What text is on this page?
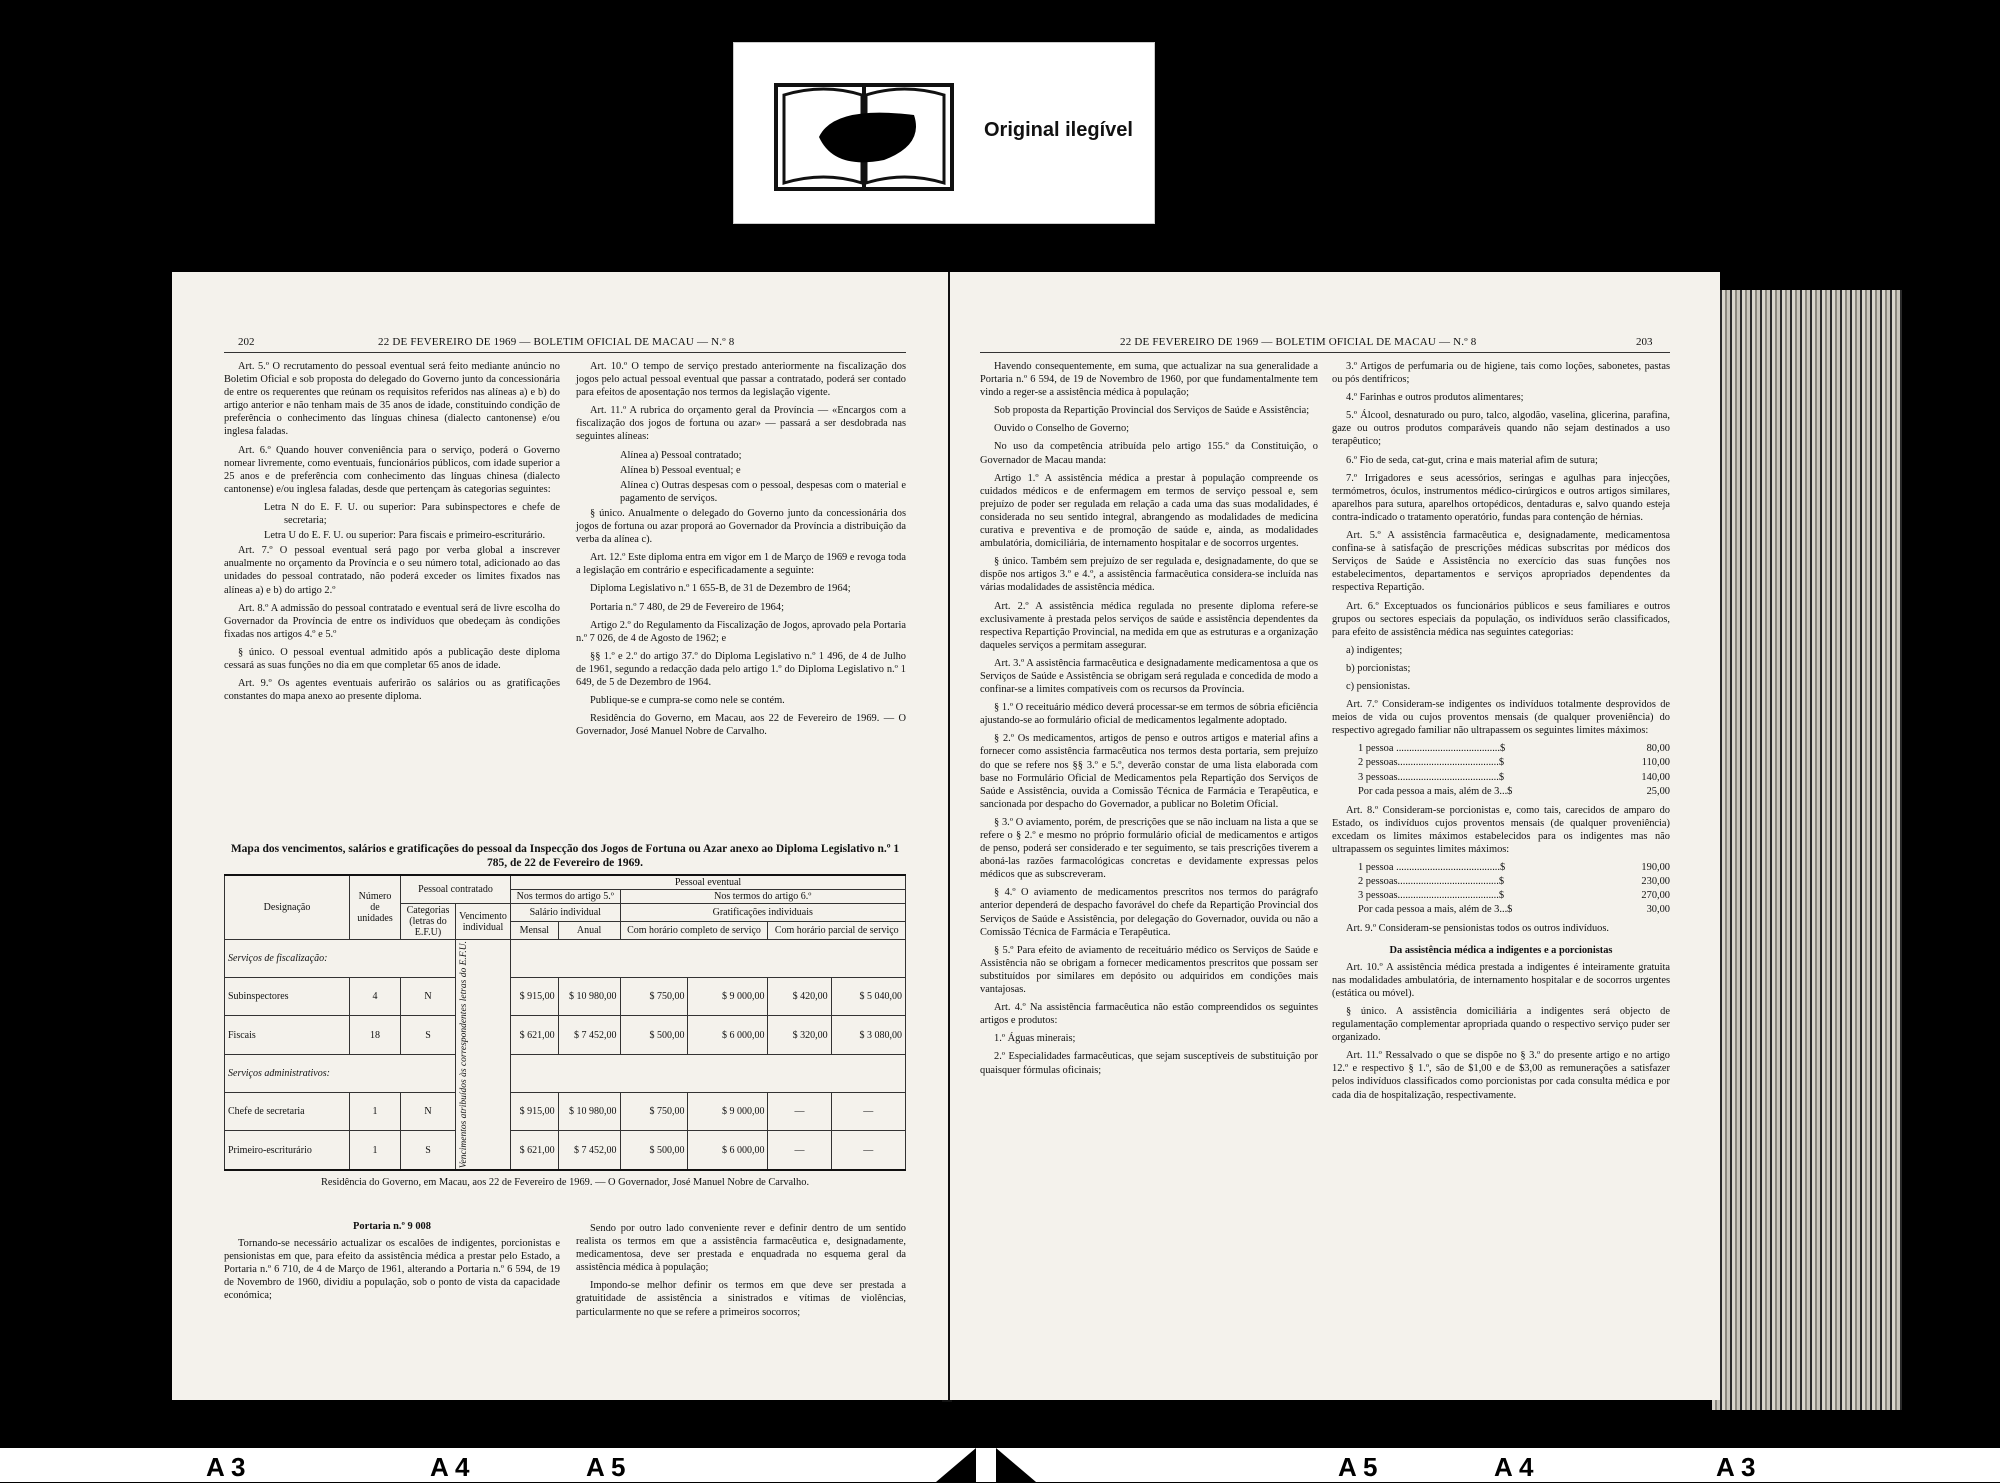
Original ilegível
202	22 DE FEVEREIRO DE 1969 — BOLETIM OFICIAL DE MACAU — N.º 8

Art. 5.º O recrutamento do pessoal eventual será feito mediante anúncio no Boletim Oficial e sob proposta do delegado do Governo junto da concessionária de entre os requerentes que reúnam os requisitos referidos nas alíneas a) e b) do artigo anterior e não tenham mais de 35 anos de idade, constituindo condição de preferência o conhecimento das línguas chinesa (dialecto cantonense) e/ou inglesa faladas.

Art. 6.º Quando houver conveniência para o serviço, poderá o Governo nomear livremente, como eventuais, funcionários públicos, com idade superior a 25 anos e de preferência com conhecimento das línguas chinesa (dialecto cantonense) e/ou inglesa faladas, desde que pertençam às categorias seguintes:

Letra N do E. F. U. ou superior: Para subinspectores e chefe de secretaria;

Letra U do E. F. U. ou superior: Para fiscais e primeiro-escriturário.

Art. 7.º O pessoal eventual será pago por verba global a inscrever anualmente no orçamento da Província e o seu número total, adicionado ao das unidades do pessoal contratado, não poderá exceder os limites fixados nas alíneas a) e b) do artigo 2.º

Art. 8.º A admissão do pessoal contratado e eventual será de livre escolha do Governador da Província de entre os indivíduos que obedeçam às condições fixadas nos artigos 4.º e 5.º

§ único. O pessoal eventual admitido após a publicação deste diploma cessará as suas funções no dia em que completar 65 anos de idade.

Art. 9.º Os agentes eventuais auferirão os salários ou as gratificações constantes do mapa anexo ao presente diploma.

Art. 10.º O tempo de serviço prestado anteriormente na fiscalização dos jogos pelo actual pessoal eventual que passar a contratado, poderá ser contado para efeitos de aposentação nos termos da legislação vigente.

Art. 11.º A rubrica do orçamento geral da Província — «Encargos com a fiscalização dos jogos de fortuna ou azar» — passará a ser desdobrada nas seguintes alíneas:

Alínea a) Pessoal contratado;

Alínea b) Pessoal eventual; e

Alínea c) Outras despesas com o pessoal, despesas com o material e pagamento de serviços.

§ único. Anualmente o delegado do Governo junto da concessionária dos jogos de fortuna ou azar proporá ao Governador da Província a distribuição da verba da alínea c).

Art. 12.º Este diploma entra em vigor em 1 de Março de 1969 e revoga toda a legislação em contrário e especificadamente a seguinte:

Diploma Legislativo n.º 1 655-B, de 31 de Dezembro de 1964;

Portaria n.º 7 480, de 29 de Fevereiro de 1964;

Artigo 2.º do Regulamento da Fiscalização de Jogos, aprovado pela Portaria n.º 7 026, de 4 de Agosto de 1962; e

§§ 1.º e 2.º do artigo 37.º do Diploma Legislativo n.º 1 496, de 4 de Julho de 1961, segundo a redacção dada pelo artigo 1.º do Diploma Legislativo n.º 1 649, de 5 de Dezembro de 1964.

Publique-se e cumpra-se como nele se contém.

Residência do Governo, em Macau, aos 22 de Fevereiro de 1969. — O Governador, José Manuel Nobre de Carvalho.

Mapa dos vencimentos, salários e gratificações do pessoal da Inspecção dos Jogos de Fortuna ou Azar anexo ao Diploma Legislativo n.º 1 785, de 22 de Fevereiro de 1969.
Designação	Número de unidades	Pessoal contratado		Pessoal eventual					
				Nos termos do artigo 5.º		Nos termos do artigo 6.º			
		Categorias (letras do E.F.U)	Vencimento individual	Salário individual		Gratificações individuais			
				Mensal	Anual	Com horário completo de serviço		Com horário parcial de serviço	
Serviços de fiscalização:			Vencimentos atribuídos às correspondentes letras do E.F.U.						

Subinspectores	4	N		$ 915,00	$ 10 980,00	$ 750,00	$ 9 000,00	$ 420,00	$ 5 040,00
Fiscais	18	S		$ 621,00	$ 7 452,00	$ 500,00	$ 6 000,00	$ 320,00	$ 3 080,00
Serviços administrativos:									
Chefe de secretaria	1	N		$ 915,00	$ 10 980,00	$ 750,00	$ 9 000,00	—	—
Primeiro-escriturário	1	S		$ 621,00	$ 7 452,00	$ 500,00	$ 6 000,00	—	—
Residência do Governo, em Macau, aos 22 de Fevereiro de 1969. — O Governador, José Manuel Nobre de Carvalho.
Portaria n.º 9 008

Tornando-se necessário actualizar os escalões de indigentes, porcionistas e pensionistas em que, para efeito da assistência médica a prestar pelo Estado, a Portaria n.º 6 710, de 4 de Março de 1961, alterando a Portaria n.º 6 594, de 19 de Novembro de 1960, dividiu a população, sob o ponto de vista da capacidade económica;

Sendo por outro lado conveniente rever e definir dentro de um sentido realista os termos em que a assistência farmacêutica e, designadamente, medicamentosa, deve ser prestada e enquadrada no esquema geral da assistência médica à população;

Impondo-se melhor definir os termos em que deve ser prestada a gratuitidade de assistência a sinistrados e vítimas de violências, particularmente no que se refere a primeiros socorros;

22 DE FEVEREIRO DE 1969 — BOLETIM OFICIAL DE MACAU — N.º 8	203

Havendo consequentemente, em suma, que actualizar na sua generalidade a Portaria n.º 6 594, de 19 de Novembro de 1960, por que fundamentalmente tem vindo a reger-se a assistência médica à população;

Sob proposta da Repartição Provincial dos Serviços de Saúde e Assistência;

Ouvido o Conselho de Governo;

No uso da competência atribuída pelo artigo 155.º da Constituição, o Governador de Macau manda:

Artigo 1.º A assistência médica a prestar à população compreende os cuidados médicos e de enfermagem em termos de serviço pessoal e, sem prejuízo de poder ser regulada em relação a cada uma das suas modalidades, é considerada no seu sentido integral, abrangendo as modalidades de medicina curativa e preventiva e de promoção de saúde e, ainda, as modalidades ambulatória, domiciliária, de internamento hospitalar e de socorros urgentes.

§ único. Também sem prejuízo de ser regulada e, designadamente, do que se dispõe nos artigos 3.º e 4.º, a assistência farmacêutica considera-se incluída nas várias modalidades de assistência médica.

Art. 2.º A assistência médica regulada no presente diploma refere-se exclusivamente à prestada pelos serviços de saúde e assistência dependentes da respectiva Repartição Provincial, na medida em que as estruturas e a organização daqueles serviços a permitam assegurar.

Art. 3.º A assistência farmacêutica e designadamente medicamentosa a que os Serviços de Saúde e Assistência se obrigam será regulada e concedida de modo a confinar-se a limites compatíveis com os recursos da Província.

§ 1.º O receituário médico deverá processar-se em termos de sóbria eficiência ajustando-se ao formulário oficial de medicamentos legalmente adoptado.

§ 2.º Os medicamentos, artigos de penso e outros artigos e material afins a fornecer como assistência farmacêutica nos termos desta portaria, sem prejuízo do que se refere nos §§ 3.º e 5.º, deverão constar de uma lista elaborada com base no Formulário Oficial de Medicamentos pela Repartição dos Serviços de Saúde e Assistência, ouvida a Comissão Técnica de Farmácia e Terapêutica, e sancionada por despacho do Governador, a publicar no Boletim Oficial.

§ 3.º O aviamento, porém, de prescrições que se não incluam na lista a que se refere o § 2.º e mesmo no próprio formulário oficial de medicamentos e artigos de penso, poderá ser considerado e ter seguimento, se tais prescrições tiverem a aboná-las razões farmacológicas concretas e devidamente expressas pelos médicos que as subscreveram.

§ 4.º O aviamento de medicamentos prescritos nos termos do parágrafo anterior dependerá de despacho favorável do chefe da Repartição Provincial dos Serviços de Saúde e Assistência, por delegação do Governador, ouvida ou não a Comissão Técnica de Farmácia e Terapêutica.

§ 5.º Para efeito de aviamento de receituário médico os Serviços de Saúde e Assistência não se obrigam a fornecer medicamentos prescritos que possam ser substituídos por similares em depósito ou adquiridos em condições mais vantajosas.

Art. 4.º Na assistência farmacêutica não estão compreendidos os seguintes artigos e produtos:

1.º Águas minerais;

2.º Especialidades farmacêuticas, que sejam susceptíveis de substituição por quaisquer fórmulas oficinais;

3.º Artigos de perfumaria ou de higiene, tais como loções, sabonetes, pastas ou pós dentífricos;

4.º Farinhas e outros produtos alimentares;

5.º Álcool, desnaturado ou puro, talco, algodão, vaselina, glicerina, parafina, gaze ou outros produtos comparáveis quando não sejam destinados a uso terapêutico;

6.º Fio de seda, cat-gut, crina e mais material afim de sutura;

7.º Irrigadores e seus acessórios, seringas e agulhas para injecções, termómetros, óculos, instrumentos médico-cirúrgicos e outros artigos similares, aparelhos para sutura, aparelhos ortopédicos, dentaduras e, salvo quando esteja contra-indicado o tratamento operatório, fundas para contenção de hérnias.

Art. 5.º A assistência farmacêutica e, designadamente, medicamentosa confina-se à satisfação de prescrições médicas subscritas por médicos dos Serviços de Saúde e Assistência no exercício das suas funções nos estabelecimentos, departamentos e serviços apropriados dependentes da respectiva Repartição.

Art. 6.º Exceptuados os funcionários públicos e seus familiares e outros grupos ou sectores especiais da população, os indivíduos serão classificados, para efeito de assistência médica nas seguintes categorias:

a) indigentes;

b) porcionistas;

c) pensionistas.

Art. 7.º Consideram-se indigentes os indivíduos totalmente desprovidos de meios de vida ou cujos proventos mensais (de qualquer proveniência) do respectivo agregado familiar não ultrapassem os seguintes limites máximos:

1 pessoa ........................................$	80,00
2 pessoas.......................................$	110,00
3 pessoas.......................................$	140,00
Por cada pessoa a mais, além de 3...$	25,00

Art. 8.º Consideram-se porcionistas e, como tais, carecidos de amparo do Estado, os indivíduos cujos proventos mensais (de qualquer proveniência) excedam os limites máximos estabelecidos para os indigentes mas não ultrapassem os seguintes limites máximos:

1 pessoa ........................................$	190,00
2 pessoas.......................................$	230,00
3 pessoas.......................................$	270,00
Por cada pessoa a mais, além de 3...$	30,00

Art. 9.º Consideram-se pensionistas todos os outros indivíduos.

Da assistência médica a indigentes e a porcionistas

Art. 10.º A assistência médica prestada a indigentes é inteiramente gratuita nas modalidades ambulatória, de internamento hospitalar e de socorros urgentes (estática ou móvel).

§ único. A assistência domiciliária a indigentes será objecto de regulamentação complementar apropriada quando o respectivo serviço puder ser organizado.

Art. 11.º Ressalvado o que se dispõe no § 3.º do presente artigo e no artigo 12.º e respectivo § 1.º, são de $1,00 e de $3,00 as remunerações a satisfazer pelos indivíduos classificados como porcionistas por cada consulta médica e por cada dia de hospitalização, respectivamente.

A 3	A 4	A 5	A 5	A 4	A 3
